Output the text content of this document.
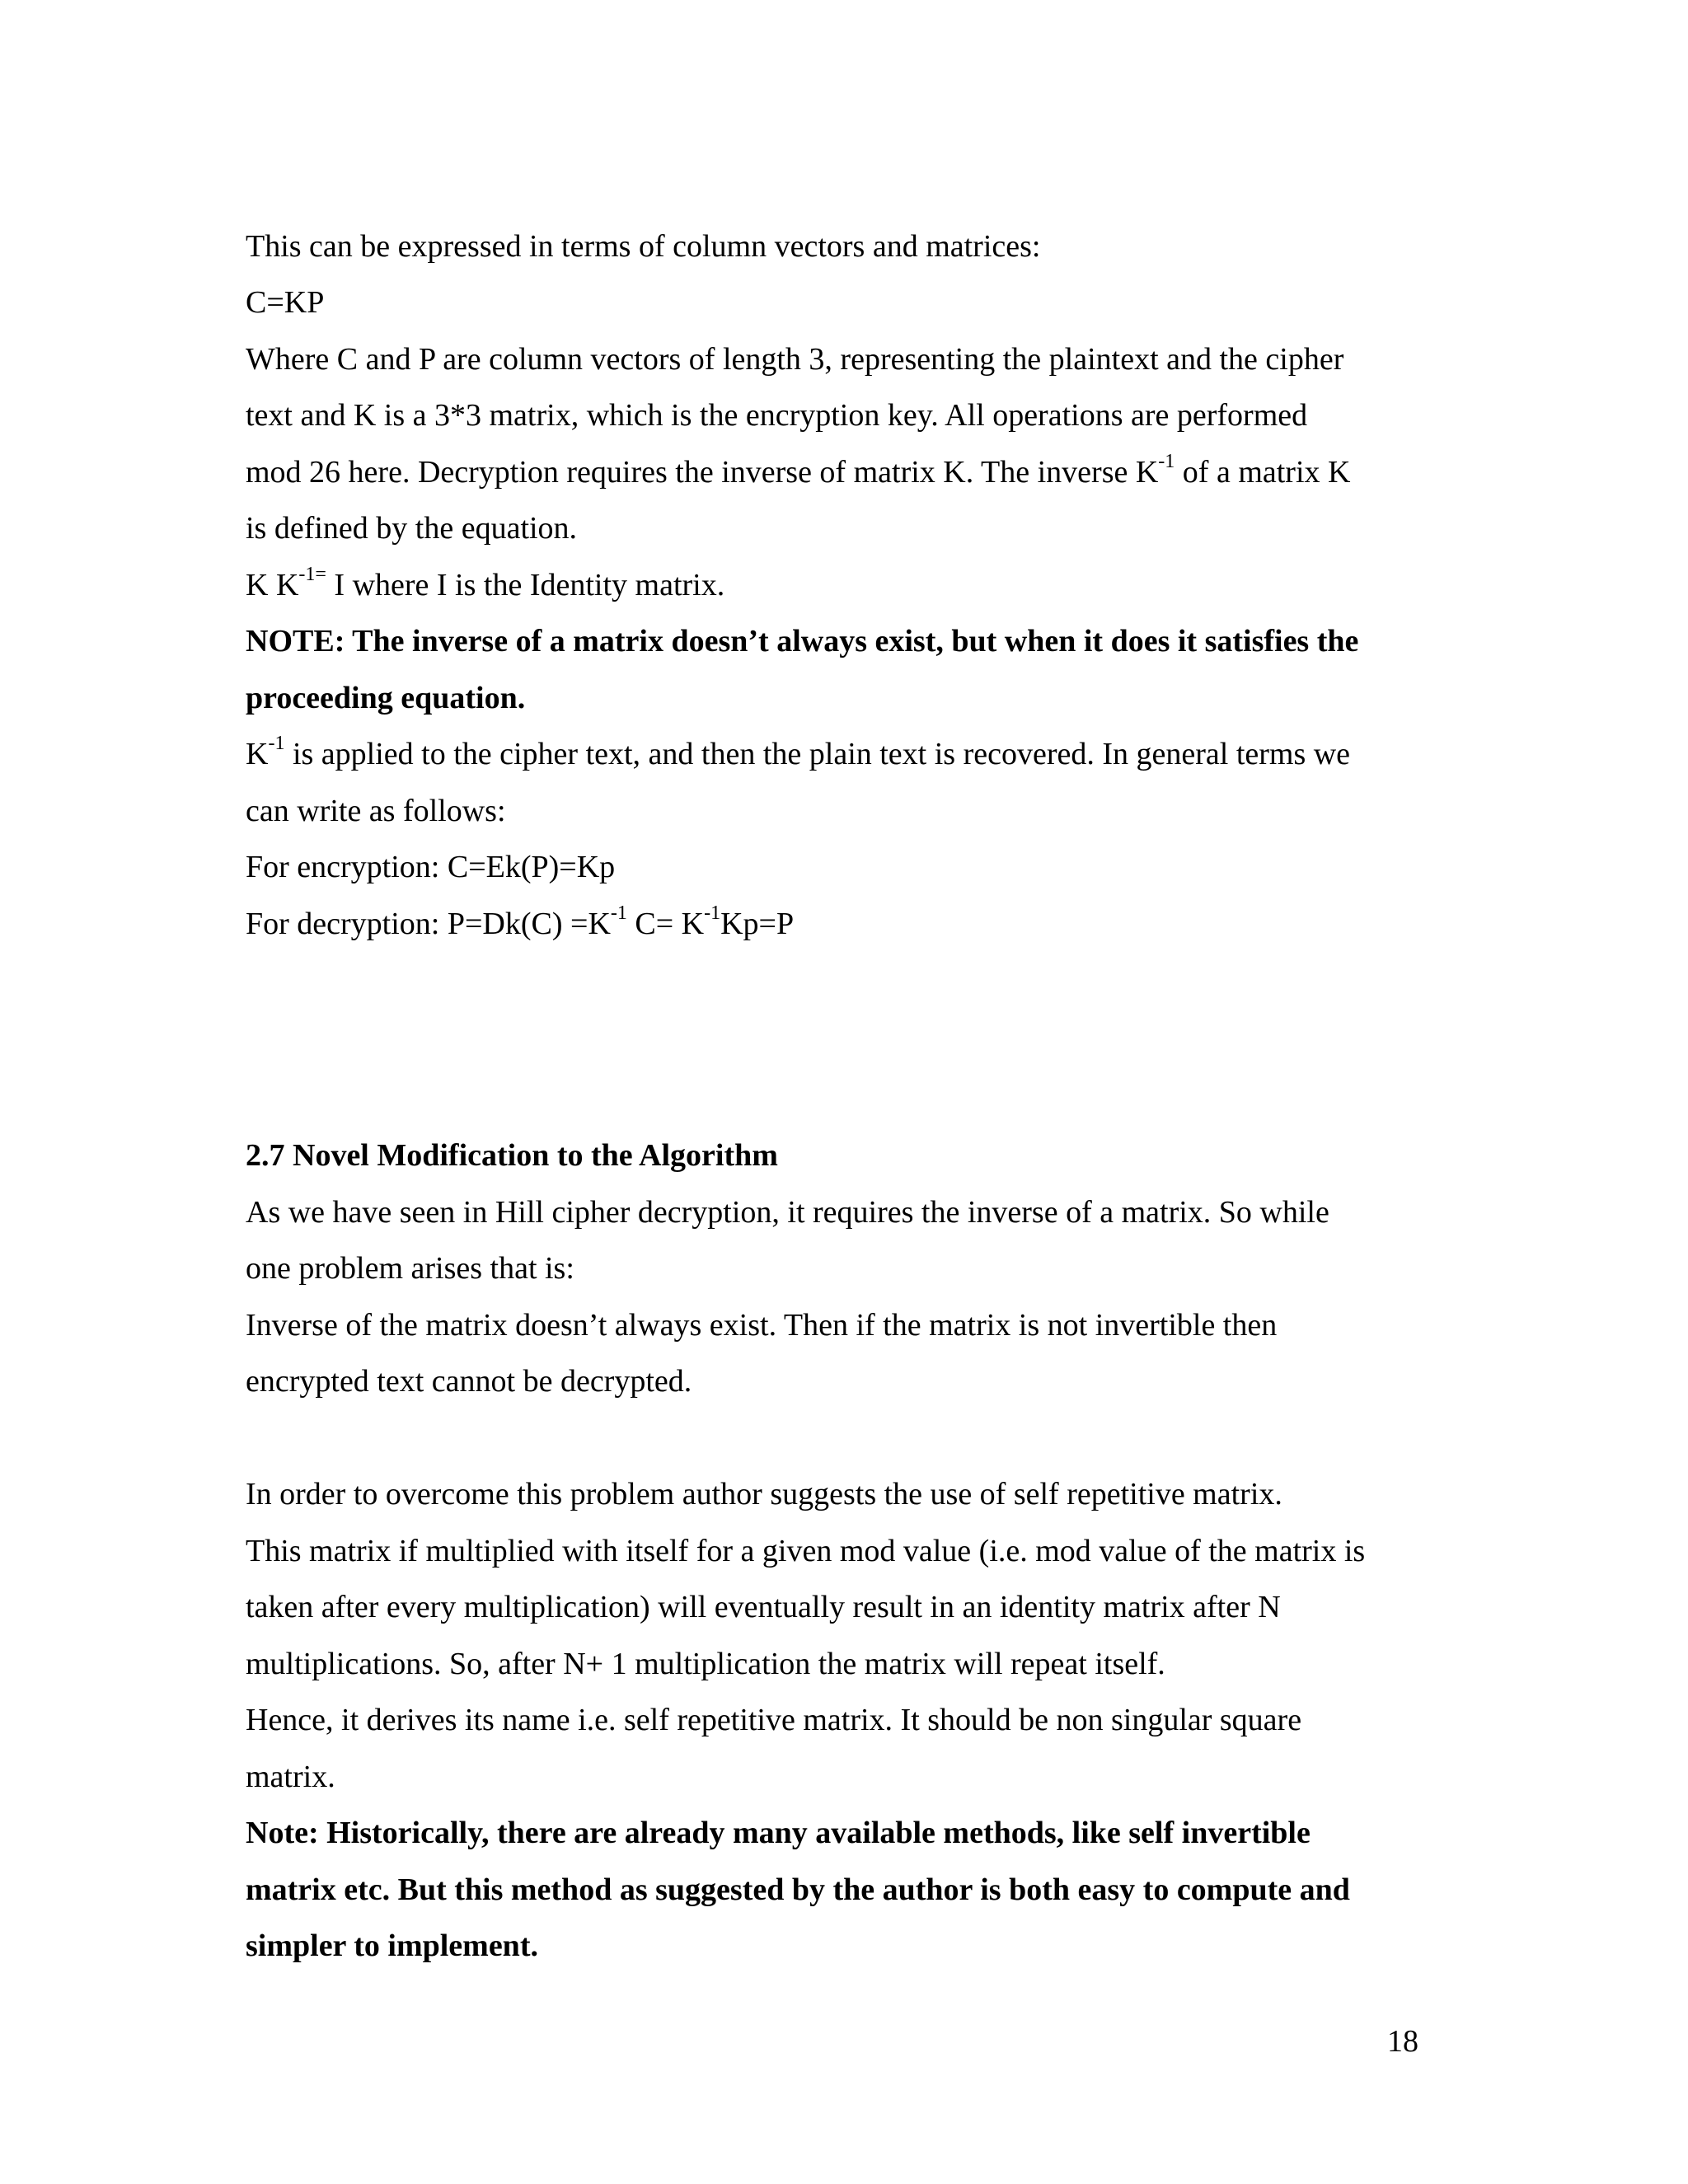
This can be expressed in terms of column vectors and matrices:

C=KP

Where C and P are column vectors of length 3, representing the plaintext and the cipher

text and K is a 3*3 matrix, which is the encryption key. All operations are performed

mod 26 here. Decryption requires the inverse of matrix K. The inverse $K^{-1}$ of a matrix K

is defined by the equation.

K $K^{-1=}$ I where I is the Identity matrix.

NOTE: The inverse of a matrix doesn’t always exist, but when it does it satisfies the

proceeding equation.

$K^{-1}$ is applied to the cipher text, and then the plain text is recovered. In general terms we

can write as follows:

For encryption: C=Ek(P)=Kp

For decryption: $P=Dk(C) =K^{-1}$ $C= K^{-1}Kp=P$

2.7 Novel Modification to the Algorithm

As we have seen in Hill cipher decryption, it requires the inverse of a matrix. So while

one problem arises that is:

Inverse of the matrix doesn’t always exist. Then if the matrix is not invertible then

encrypted text cannot be decrypted.

In order to overcome this problem author suggests the use of self repetitive matrix.

This matrix if multiplied with itself for a given mod value (i.e. mod value of the matrix is

taken after every multiplication) will eventually result in an identity matrix after N

multiplications. So, after N+ 1 multiplication the matrix will repeat itself.

Hence, it derives its name i.e. self repetitive matrix. It should be non singular square

matrix.

Note: Historically, there are already many available methods, like self invertible

matrix etc. But this method as suggested by the author is both easy to compute and

simpler to implement.

18
